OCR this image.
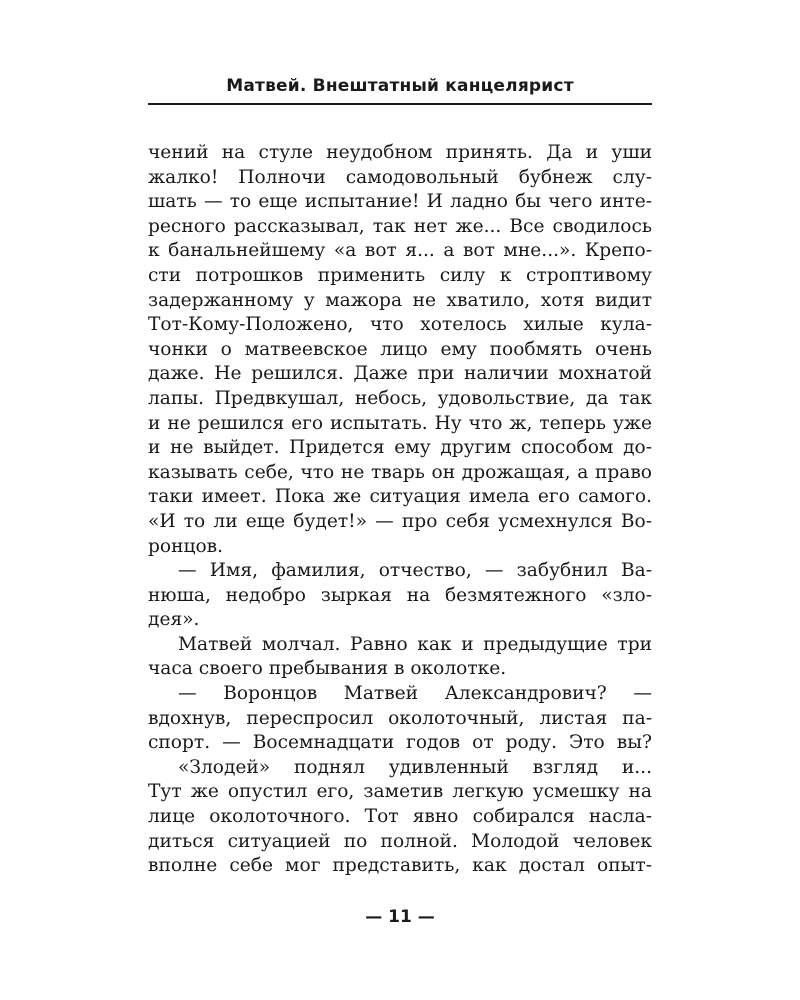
Матвей. Внештатный канцелярист
чений на стуле неудобном принять. Да и уши
жалко! Полночи самодовольный бубнеж слу-
шать — то еще испытание! И ладно бы чего инте-
ресного рассказывал, так нет же... Все сводилось
к банальнейшему «а вот я... а вот мне...». Крепо-
сти потрошков применить силу к строптивому
задержанному у мажора не хватило, хотя видит
Тот-Кому-Положено, что хотелось хилые кула-
чонки о матвеевское лицо ему пообмять очень
даже. Не решился. Даже при наличии мохнатой
лапы. Предвкушал, небось, удовольствие, да так
и не решился его испытать. Ну что ж, теперь уже
и не выйдет. Придется ему другим способом до-
казывать себе, что не тварь он дрожащая, а право
таки имеет. Пока же ситуация имела его самого.
«И то ли еще будет!» — про себя усмехнулся Во-
ронцов.
— Имя, фамилия, отчество, — забубнил Ва-
нюша, недобро зыркая на безмятежного «зло-
дея».
Матвей молчал. Равно как и предыдущие три
часа своего пребывания в околотке.
— Воронцов Матвей Александрович? —
вдохнув, переспросил околоточный, листая па-
спорт. — Восемнадцати годов от роду. Это вы?
«Злодей» поднял удивленный взгляд и...
Тут же опустил его, заметив легкую усмешку на
лице околоточного. Тот явно собирался насла-
диться ситуацией по полной. Молодой человек
вполне себе мог представить, как достал опыт-
— 11 —
